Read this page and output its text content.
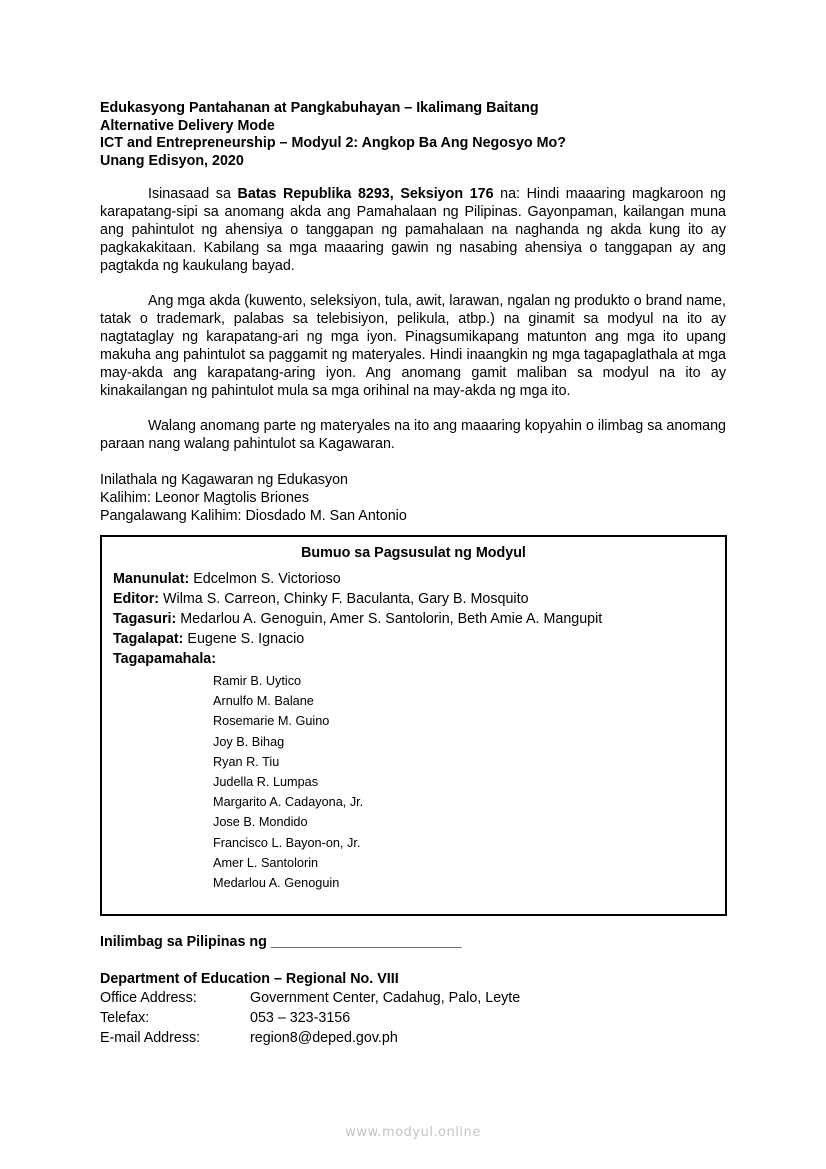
Edukasyong Pantahanan at Pangkabuhayan – Ikalimang Baitang

Alternative Delivery Mode

ICT and Entrepreneurship – Modyul 2: Angkop Ba Ang Negosyo Mo?

Unang Edisyon, 2020

Isinasaad sa Batas Republika 8293, Seksiyon 176 na: Hindi maaaring magkaroon ng karapatang-sipi sa anomang akda ang Pamahalaan ng Pilipinas. Gayonpaman, kailangan muna ang pahintulot ng ahensiya o tanggapan ng pamahalaan na naghanda ng akda kung ito ay pagkakakitaan. Kabilang sa mga maaaring gawin ng nasabing ahensiya o tanggapan ay ang pagtakda ng kaukulang bayad.

Ang mga akda (kuwento, seleksiyon, tula, awit, larawan, ngalan ng produkto o brand name, tatak o trademark, palabas sa telebisiyon, pelikula, atbp.) na ginamit sa modyul na ito ay nagtataglay ng karapatang-ari ng mga iyon. Pinagsumikapang matunton ang mga ito upang makuha ang pahintulot sa paggamit ng materyales. Hindi inaangkin ng mga tagapaglathala at mga may-akda ang karapatang-aring iyon. Ang anomang gamit maliban sa modyul na ito ay kinakailangan ng pahintulot mula sa mga orihinal na may-akda ng mga ito.

Walang anomang parte ng materyales na ito ang maaaring kopyahin o ilimbag sa anomang paraan nang walang pahintulot sa Kagawaran.

Inilathala ng Kagawaran ng Edukasyon
Kalihim: Leonor Magtolis Briones
Pangalawang Kalihim: Diosdado M. San Antonio
Bumuo sa Pagsusulat ng Modyul
Manunulat: Edcelmon S. Victorioso
Editor: Wilma S. Carreon, Chinky F. Baculanta, Gary B. Mosquito
Tagasuri: Medarlou A. Genoguin, Amer S. Santolorin, Beth Amie A. Mangupit
Tagalapat: Eugene S. Ignacio
Tagapamahala:
Ramir B. Uytico
Arnulfo M. Balane
Rosemarie M. Guino
Joy B. Bihag
Ryan R. Tiu
Judella R. Lumpas
Margarito A. Cadayona, Jr.
Jose B. Mondido
Francisco L. Bayon-on, Jr.
Amer L. Santolorin
Medarlou A. Genoguin
Inilimbag sa Pilipinas ng ________________________
Department of Education – Regional No. VIII
Office Address:	Government Center, Cadahug, Palo, Leyte
Telefax:	053 – 323-3156
E-mail Address:	region8@deped.gov.ph
www.modyul.online
